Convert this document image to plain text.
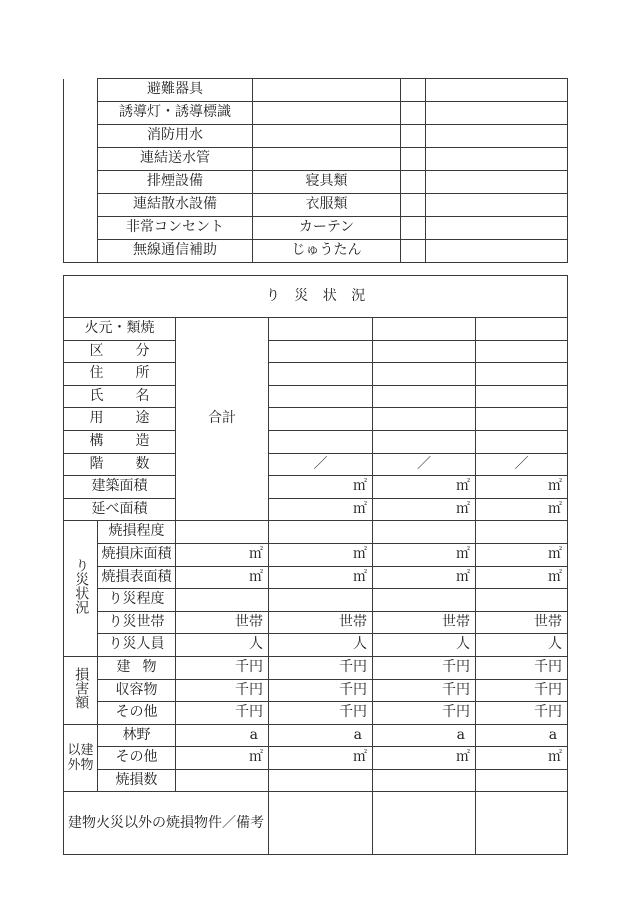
	避難器具			
	誘導灯・誘導標識			
	消防用水			
	連結送水管			
	排煙設備	寝具類		
	連結散水設備	衣服類		
	非常コンセント	カーテン		
	無線通信補助	じゅうたん		
り 災 状 況					
火元・類焼		合計			
区 分					
住 所					
氏 名					
用 途					
構 造					
階 数			／	／	／
建築面積			㎡	㎡	㎡
延べ面積			㎡	㎡	㎡
り災状況	焼損程度				
	焼損床面積	㎡	㎡	㎡	㎡
	焼損表面積	㎡	㎡	㎡	㎡
	り災程度				
	り災世帯	世帯	世帯	世帯	世帯
	り災人員	人	人	人	人
損害額	建 物	千円	千円	千円	千円
	収容物	千円	千円	千円	千円
	その他	千円	千円	千円	千円
以建
外物	林野	a	a	a	a
	その他	㎡	㎡	㎡	㎡
	焼損数				
建物火災以外の焼損物件／備考					
